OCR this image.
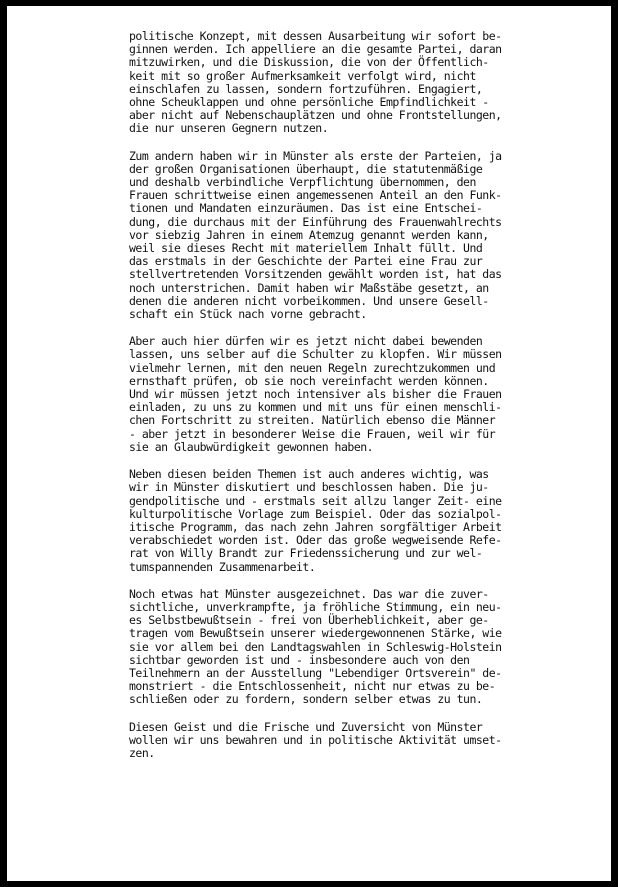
politische Konzept, mit dessen Ausarbeitung wir sofort be-
ginnen werden. Ich appelliere an die gesamte Partei, daran
mitzuwirken, und die Diskussion, die von der Öffentlich-
keit mit so großer Aufmerksamkeit verfolgt wird, nicht
einschlafen zu lassen, sondern fortzuführen. Engagiert,
ohne Scheuklappen und ohne persönliche Empfindlichkeit -
aber nicht auf Nebenschauplätzen und ohne Frontstellungen,
die nur unseren Gegnern nutzen.
Zum andern haben wir in Münster als erste der Parteien, ja
der großen Organisationen überhaupt, die statutenmäßige
und deshalb verbindliche Verpflichtung übernommen, den
Frauen schrittweise einen angemessenen Anteil an den Funk-
tionen und Mandaten einzuräumen. Das ist eine Entschei-
dung, die durchaus mit der Einführung des Frauenwahlrechts
vor siebzig Jahren in einem Atemzug genannt werden kann,
weil sie dieses Recht mit materiellem Inhalt füllt. Und
das erstmals in der Geschichte der Partei eine Frau zur
stellvertretenden Vorsitzenden gewählt worden ist, hat das
noch unterstrichen. Damit haben wir Maßstäbe gesetzt, an
denen die anderen nicht vorbeikommen. Und unsere Gesell-
schaft ein Stück nach vorne gebracht.
Aber auch hier dürfen wir es jetzt nicht dabei bewenden
lassen, uns selber auf die Schulter zu klopfen. Wir müssen
vielmehr lernen, mit den neuen Regeln zurechtzukommen und
ernsthaft prüfen, ob sie noch vereinfacht werden können.
Und wir müssen jetzt noch intensiver als bisher die Frauen
einladen, zu uns zu kommen und mit uns für einen menschli-
chen Fortschritt zu streiten. Natürlich ebenso die Männer
- aber jetzt in besonderer Weise die Frauen, weil wir für
sie an Glaubwürdigkeit gewonnen haben.
Neben diesen beiden Themen ist auch anderes wichtig, was
wir in Münster diskutiert und beschlossen haben. Die ju-
gendpolitische und - erstmals seit allzu langer Zeit- eine
kulturpolitische Vorlage zum Beispiel. Oder das sozialpol-
itische Programm, das nach zehn Jahren sorgfältiger Arbeit
verabschiedet worden ist. Oder das große wegweisende Refe-
rat von Willy Brandt zur Friedenssicherung und zur wel-
tumspannenden Zusammenarbeit.
Noch etwas hat Münster ausgezeichnet. Das war die zuver-
sichtliche, unverkrampfte, ja fröhliche Stimmung, ein neu-
es Selbstbewußtsein - frei von Überheblichkeit, aber ge-
tragen vom Bewußtsein unserer wiedergewonnenen Stärke, wie
sie vor allem bei den Landtagswahlen in Schleswig-Holstein
sichtbar geworden ist und - insbesondere auch von den
Teilnehmern an der Ausstellung "Lebendiger Ortsverein" de-
monstriert - die Entschlossenheit, nicht nur etwas zu be-
schließen oder zu fordern, sondern selber etwas zu tun.
Diesen Geist und die Frische und Zuversicht von Münster
wollen wir uns bewahren und in politische Aktivität umset-
zen.
